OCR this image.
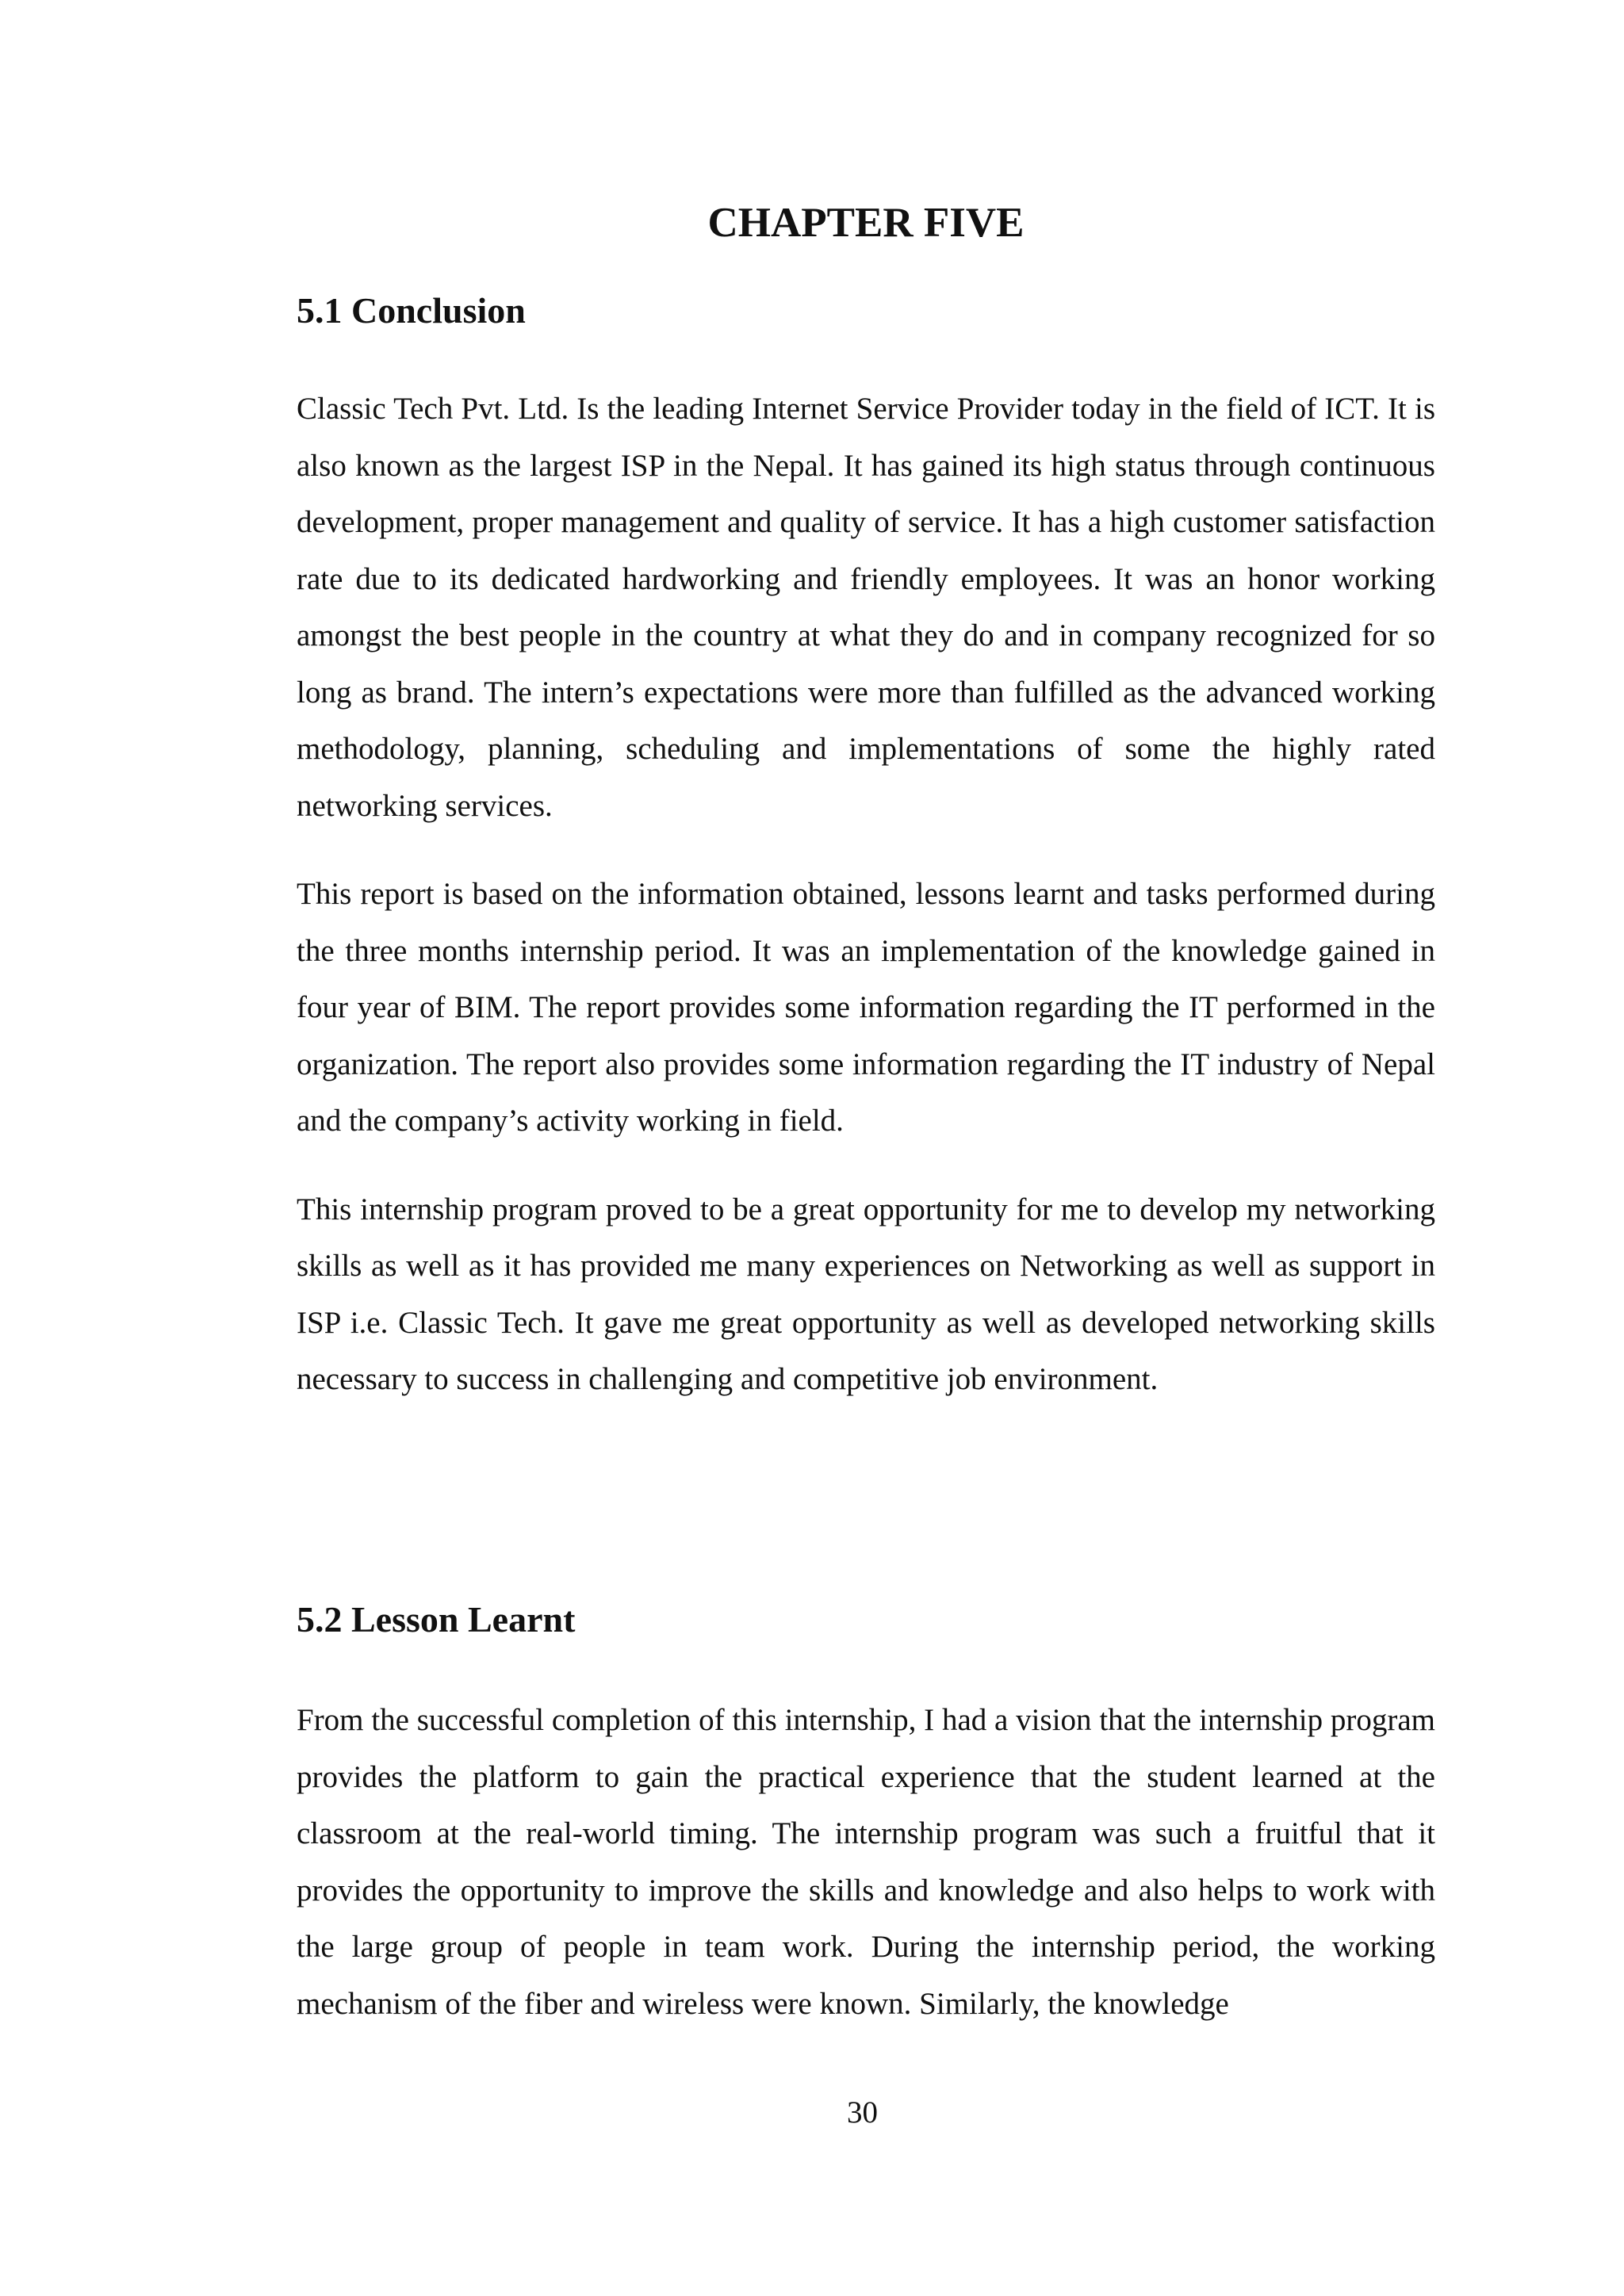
CHAPTER FIVE
5.1 Conclusion

Classic Tech Pvt. Ltd. Is the leading Internet Service Provider today in the field of ICT. It is also known as the largest ISP in the Nepal. It has gained its high status through continuous development, proper management and quality of service. It has a high customer satisfaction rate due to its dedicated hardworking and friendly employees. It was an honor working amongst the best people in the country at what they do and in company recognized for so long as brand. The intern’s expectations were more than fulfilled as the advanced working methodology, planning, scheduling and implementations of some the highly rated networking services.

This report is based on the information obtained, lessons learnt and tasks performed during the three months internship period. It was an implementation of the knowledge gained in four year of BIM. The report provides some information regarding the IT performed in the organization. The report also provides some information regarding the IT industry of Nepal and the company’s activity working in field.

This internship program proved to be a great opportunity for me to develop my networking skills as well as it has provided me many experiences on Networking as well as support in ISP i.e. Classic Tech. It gave me great opportunity as well as developed networking skills necessary to success in challenging and competitive job environment.

5.2 Lesson Learnt

From the successful completion of this internship, I had a vision that the internship program provides the platform to gain the practical experience that the student learned at the classroom at the real-world timing. The internship program was such a fruitful that it provides the opportunity to improve the skills and knowledge and also helps to work with the large group of people in team work. During the internship period, the working mechanism of the fiber and wireless were known. Similarly, the knowledge

30
